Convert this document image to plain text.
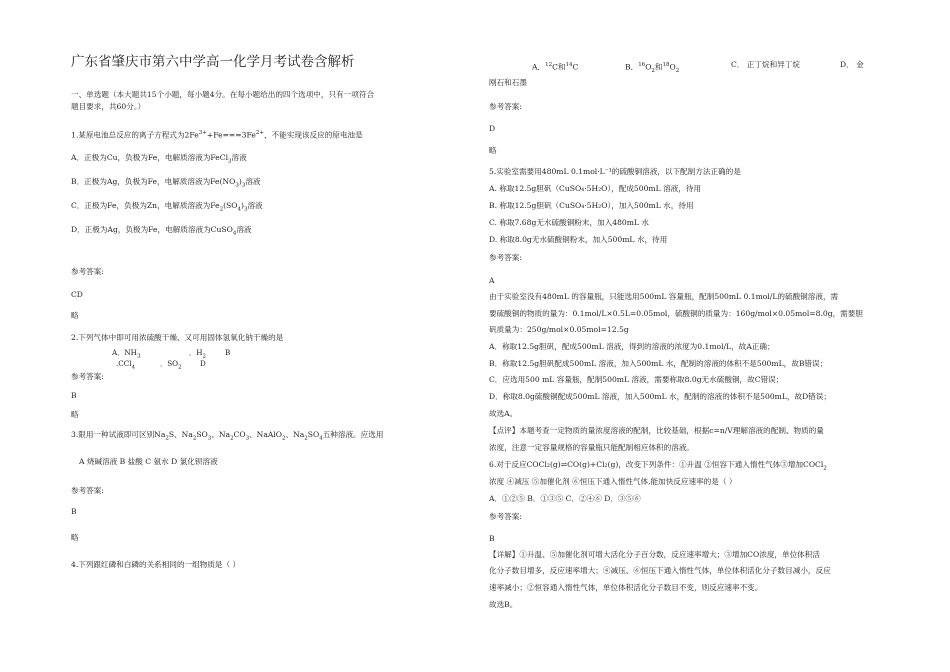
广东省肇庆市第六中学高一化学月考试卷含解析
一、单选题（本大题共15个小题，每小题4分。在每小题给出的四个选项中，只有一项符合
题目要求，共60分。）
1.某原电池总反应的离子方程式为$2Fe^{3+}+Fe===3Fe^{2+}$，不能实现该反应的原电池是
A．正极为Cu，负极为Fe，电解质溶液为FeCl$_3$溶液
B．正极为Ag，负极为Fe，电解质溶液为$Fe(NO_3)_3$溶液
C．正极为Fe，负极为Zn，电解质溶液为$Fe_2(SO_4)_3$溶液
D．正极为Ag，负极为Fe，电解质溶液为CuSO$_4$溶液
参考答案:
CD
略
2.下列气体中即可用浓硫酸干燥、又可用固体氢氧化钠干燥的是
A．$NH_3$	．$H_2$	B
.CCl$_4$	．$SO_2$	D
参考答案:
B
略
3.限用一种试液即可区别$Na_2S$、$Na_2SO_3$、$Na_2CO_3$、NaAlO$_2$、$Na_2SO_4$五种溶液。应选用
A 烧碱溶液 B 盐酸 C 氨水 D 氯化钡溶液
参考答案:
B
略
4.下列跟红磷和白磷的关系相同的一组物质是（ ）
A．$^{12}$C和$^{14}$C	B．$^{16}O_2$和$^{18}O_2$
C． 正丁烷和异丁烷	D． 金
刚石和石墨
参考答案:
D
略
5.实验室需要用480mL 0.1mol·L⁻¹的硫酸铜溶液，以下配制方法正确的是
A. 称取12.5g胆矾（CuSO₄·5H₂O），配成500mL 溶液，待用
B. 称取12.5g胆矾（CuSO₄·5H₂O），加入500mL 水，待用
C. 称取7.68g无水硫酸铜粉末，加入480mL 水
D. 称取8.0g无水硫酸铜粉末，加入500mL 水，待用
参考答案:
A
由于实验室没有480mL 的容量瓶，只能选用500mL 容量瓶，配制500mL 0.1mol/L的硫酸铜溶液，需
要硫酸铜的物质的量为：0.1mol/L×0.5L=0.05mol，硫酸铜的质量为：160g/mol×0.05mol=8.0g，需要胆
矾质量为：250g/mol×0.05mol=12.5g
A．称取12.5g胆矾，配成500mL 溶液，得到的溶液的浓度为0.1mol/L，故A正确；
B．称取12.5g胆矾配成500mL 溶液，加入500mL 水，配制的溶液的体积不是500mL，故B错误；
C．应选用500 mL 容量瓶，配制500mL 溶液，需要称取8.0g无水硫酸铜，故C错误；
D．称取8.0g硫酸铜配成500mL 溶液，加入500mL 水，配制的溶液的体积不是500mL，故D错误；
故选A。
【点评】本题考查一定物质的量浓度溶液的配制，比较基础，根据c=n/V理解溶液的配制、物质的量
浓度，注意一定容量规格的容量瓶只能配制相应体积的溶液。
6.对于反应COCl₂(g)⇌CO(g)+Cl₂(g)，改变下列条件：①升温 ②恒容下通入惰性气体③增加COCl$_2$
浓度 ④减压 ⑤加催化剂 ⑥恒压下通入惰性气体,能加快反应速率的是（ ）
A．①②⑤ B．①③⑤ C．②④⑥ D．③⑤⑥
参考答案:
B
【详解】①升温、⑤加催化剂可增大活化分子百分数，反应速率增大；③增加CO浓度，单位体积活
化分子数目增多，反应速率增大；④减压、⑥恒压下通入惰性气体，单位体积活化分子数目减小，反应
速率减小；②恒容通入惰性气体，单位体积活化分子数目不变，则反应速率不变。
故选B。
